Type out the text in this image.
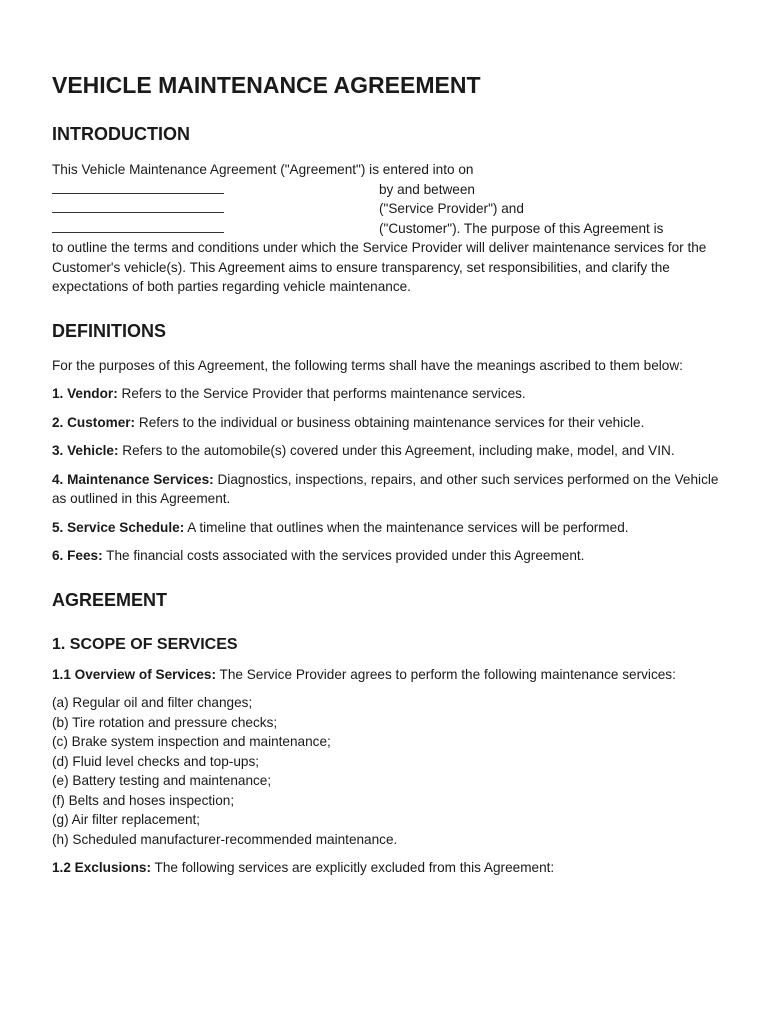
VEHICLE MAINTENANCE AGREEMENT
INTRODUCTION

This Vehicle Maintenance Agreement ("Agreement") is entered into on

by and between
("Service Provider") and
("Customer"). The purpose of this Agreement is

to outline the terms and conditions under which the Service Provider will deliver maintenance services for the Customer's vehicle(s). This Agreement aims to ensure transparency, set responsibilities, and clarify the expectations of both parties regarding vehicle maintenance.

DEFINITIONS

For the purposes of this Agreement, the following terms shall have the meanings ascribed to them below:

1. Vendor: Refers to the Service Provider that performs maintenance services.

2. Customer: Refers to the individual or business obtaining maintenance services for their vehicle.

3. Vehicle: Refers to the automobile(s) covered under this Agreement, including make, model, and VIN.

4. Maintenance Services: Diagnostics, inspections, repairs, and other such services performed on the Vehicle as outlined in this Agreement.

5. Service Schedule: A timeline that outlines when the maintenance services will be performed.

6. Fees: The financial costs associated with the services provided under this Agreement.

AGREEMENT
1. SCOPE OF SERVICES

1.1 Overview of Services: The Service Provider agrees to perform the following maintenance services:

(a) Regular oil and filter changes;

(b) Tire rotation and pressure checks;

(c) Brake system inspection and maintenance;

(d) Fluid level checks and top-ups;

(e) Battery testing and maintenance;

(f) Belts and hoses inspection;

(g) Air filter replacement;

(h) Scheduled manufacturer-recommended maintenance.

1.2 Exclusions: The following services are explicitly excluded from this Agreement:
